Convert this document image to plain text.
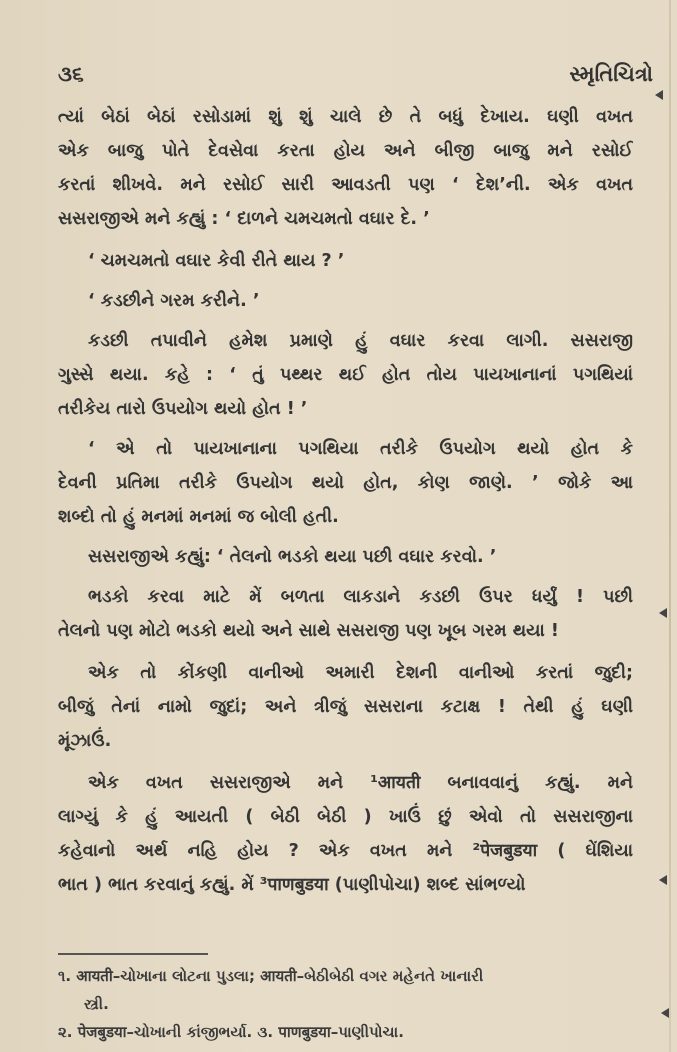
૩૬	સ્મૃતિચિત્રો
ત્યાં બેઠાં બેઠાં રસોડામાં શું શું ચાલે છે તે બધું દેખાય. ઘણી વખત
એક બાજુ પોતે દેવસેવા કરતા હોય અને બીજી બાજુ મને રસોઈ
કરતાં શીખવે. મને રસોઈ સારી આવડતી પણ ‘ દેશ’ની. એક વખત
સસરાજીએ મને કહ્યું : ‘ દાળને ચમચમતો વઘાર દે. ’
‘ ચમચમતો વઘાર કેવી રીતે થાય ? ’
‘ કડછીને ગરમ કરીને. ’
કડછી તપાવીને હમેશ પ્રમાણે હું વઘાર કરવા લાગી. સસરાજી
ગુસ્સે થયા. કહે : ‘ તું પથ્થર થઈ હોત તોય પાયખાનાનાં પગથિયાં
તરીકેય તારો ઉપયોગ થયો હોત ! ’
‘ એ તો પાયખાનાના પગથિયા તરીકે ઉપયોગ થયો હોત કે
દેવની પ્રતિમા તરીકે ઉપયોગ થયો હોત, કોણ જાણે. ’ જોકે આ
શબ્દો તો હું મનમાં મનમાં જ બોલી હતી.
સસરાજીએ કહ્યું: ‘ તેલનો ભડકો થયા પછી વઘાર કરવો. ’
ભડકો કરવા માટે મેં બળતા લાકડાને કડછી ઉપર ધર્યું ! પછી
તેલનો પણ મોટો ભડકો થયો અને સાથે સસરાજી પણ ખૂબ ગરમ થયા !
એક તો કોંકણી વાનીઓ અમારી દેશની વાનીઓ કરતાં જુદી;
બીજું તેનાં નામો જુદાં; અને ત્રીજું સસરાના કટાક્ષ ! તેથી હું ઘણી
મૂંઝાઉં.
એક વખત સસરાજીએ મને ¹आयती બનાવવાનું કહ્યું. મને
લાગ્યું કે હું આયતી ( બેઠી બેઠી ) ખાઉં છું એવો તો સસરાજીના
કહેવાનો અર્થ નહિ હોય ? એક વખત મને ²पेजबुडया ( ઘેંશિયા
ભાત ) ભાત કરવાનું કહ્યું. મેં ³पाणबुडया (પાણીપોચા) શબ્દ સાંભળ્યો
૧. आयती–ચોખાના લોટના પુડલા; आयती–બેઠીબેઠી વગર મહેનતે ખાનારી
સ્ત્રી.
૨. पेजबुडया–ચોખાની કાંજીભર્યા. ૩. पाणबुडया–પાણીપોચા.
